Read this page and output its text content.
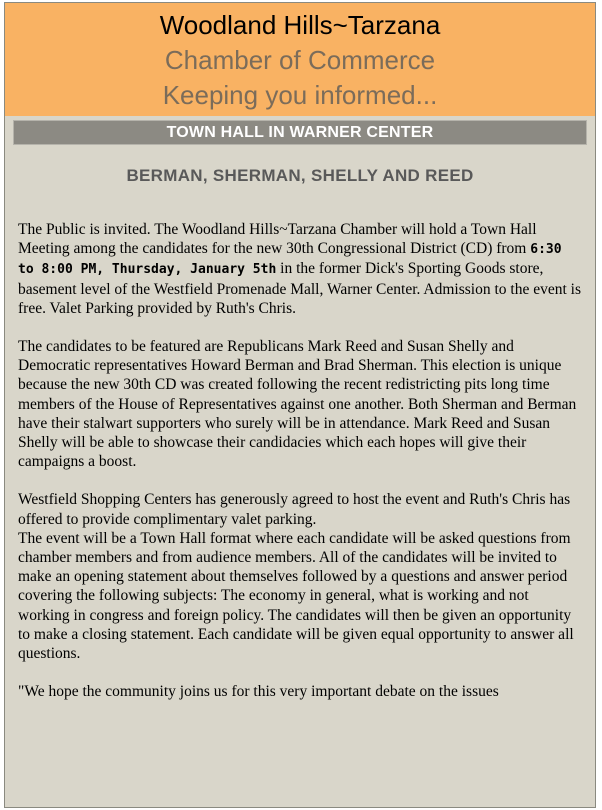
Woodland Hills~Tarzana

Chamber of Commerce

Keeping you informed...

TOWN HALL IN WARNER CENTER
BERMAN, SHERMAN, SHELLY AND REED

The Public is invited. The Woodland Hills~Tarzana Chamber will hold a Town Hall Meeting among the candidates for the new 30th Congressional District (CD) from 6:30 to 8:00 PM, Thursday, January 5th in the former Dick's Sporting Goods store, basement level of the Westfield Promenade Mall, Warner Center. Admission to the event is free. Valet Parking provided by Ruth's Chris.

The candidates to be featured are Republicans Mark Reed and Susan Shelly and Democratic representatives Howard Berman and Brad Sherman. This election is unique because the new 30th CD was created following the recent redistricting pits long time members of the House of Representatives against one another. Both Sherman and Berman have their stalwart supporters who surely will be in attendance. Mark Reed and Susan Shelly will be able to showcase their candidacies which each hopes will give their campaigns a boost.

Westfield Shopping Centers has generously agreed to host the event and Ruth's Chris has offered to provide complimentary valet parking.

The event will be a Town Hall format where each candidate will be asked questions from chamber members and from audience members. All of the candidates will be invited to make an opening statement about themselves followed by a questions and answer period covering the following subjects: The economy in general, what is working and not working in congress and foreign policy. The candidates will then be given an opportunity to make a closing statement. Each candidate will be given equal opportunity to answer all questions.

"We hope the community joins us for this very important debate on the issues
